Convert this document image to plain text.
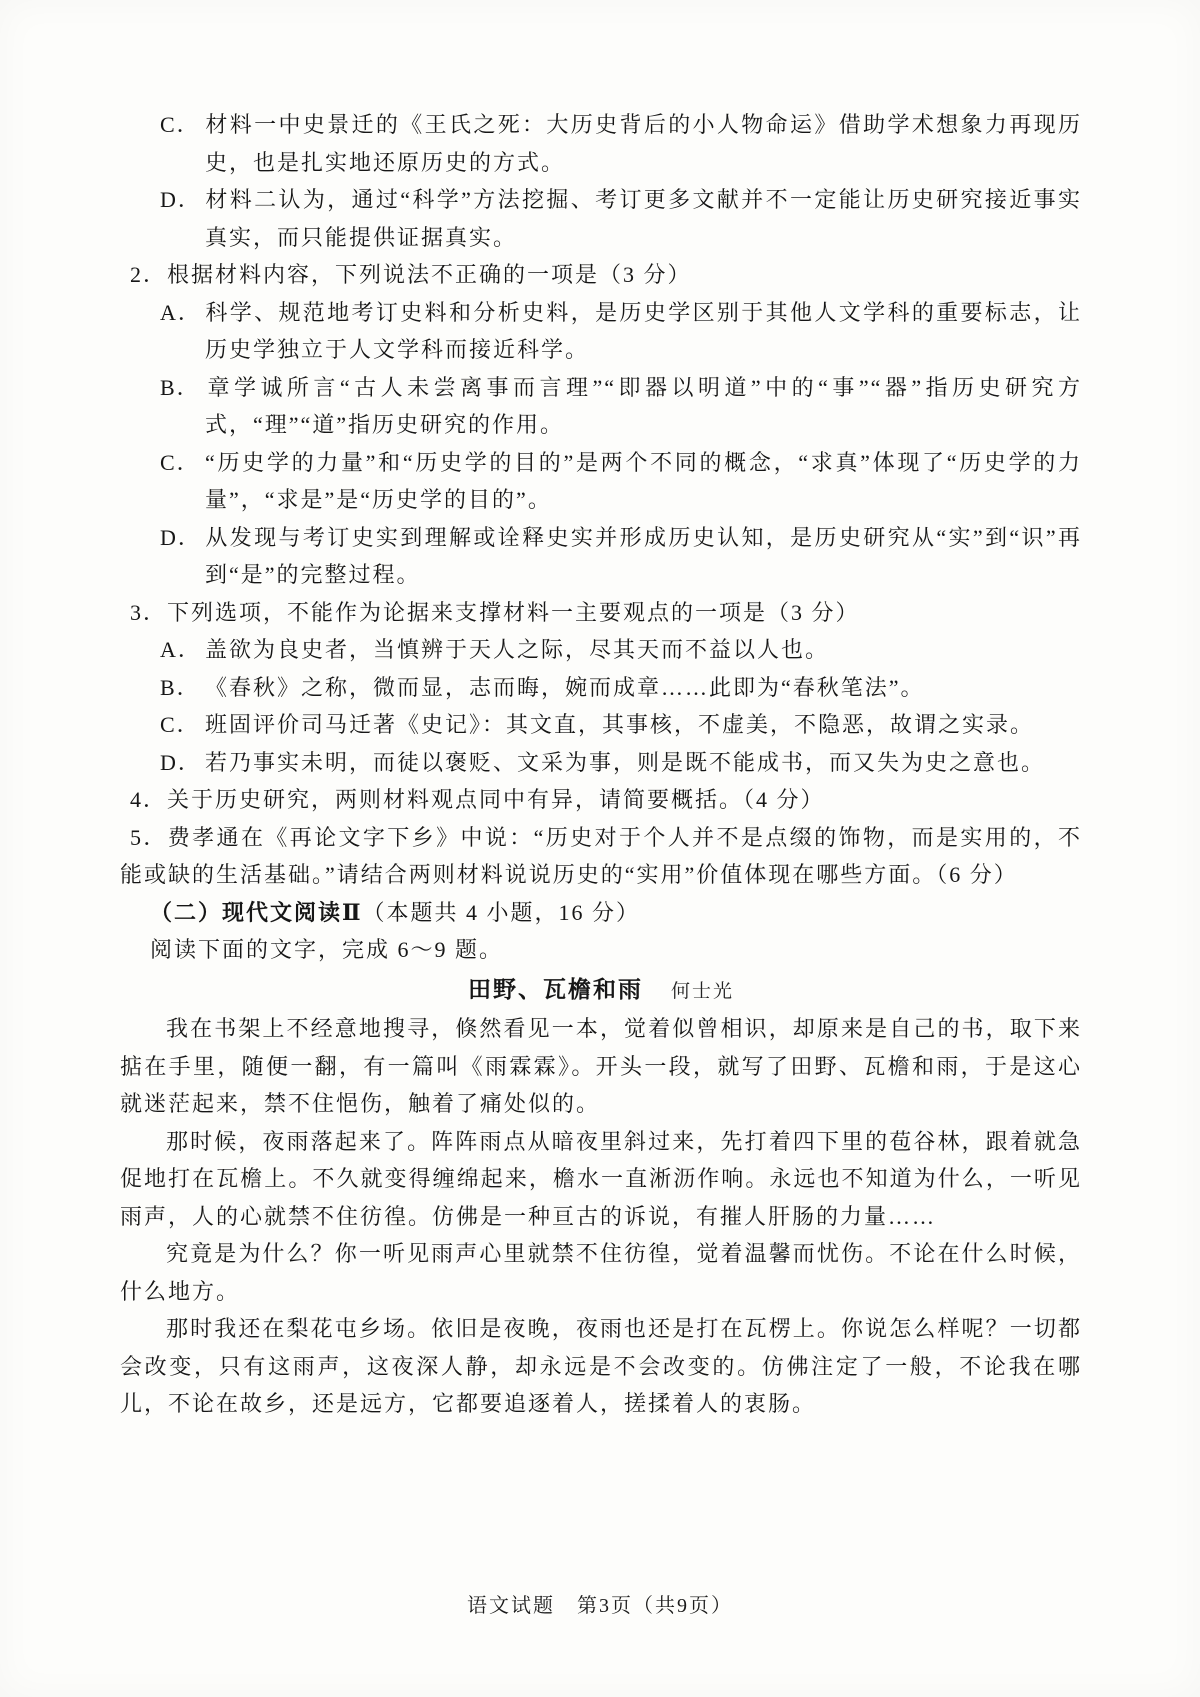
C． 材料一中史景迁的《王氏之死：大历史背后的小人物命运》借助学术想象力再现历史，也是扎实地还原历史的方式。
D． 材料二认为，通过“科学”方法挖掘、考订更多文献并不一定能让历史研究接近事实真实，而只能提供证据真实。
2．根据材料内容，下列说法不正确的一项是（3 分）
A． 科学、规范地考订史料和分析史料，是历史学区别于其他人文学科的重要标志，让历史学独立于人文学科而接近科学。
B． 章学诚所言“古人未尝离事而言理”“即器以明道”中的“事”“器”指历史研究方式，“理”“道”指历史研究的作用。
C． “历史学的力量”和“历史学的目的”是两个不同的概念，“求真”体现了“历史学的力量”，“求是”是“历史学的目的”。
D． 从发现与考订史实到理解或诠释史实并形成历史认知，是历史研究从“实”到“识”再到“是”的完整过程。
3．下列选项，不能作为论据来支撑材料一主要观点的一项是（3 分）
A． 盖欲为良史者，当慎辨于天人之际，尽其天而不益以人也。
B． 《春秋》之称，微而显，志而晦，婉而成章……此即为“春秋笔法”。
C． 班固评价司马迁著《史记》：其文直，其事核，不虚美，不隐恶，故谓之实录。
D． 若乃事实未明，而徒以褒贬、文采为事，则是既不能成书，而又失为史之意也。
4．关于历史研究，两则材料观点同中有异，请简要概括。（4 分）
5．费孝通在《再论文字下乡》中说：“历史对于个人并不是点缀的饰物，而是实用的，不能或缺的生活基础。”请结合两则材料说说历史的“实用”价值体现在哪些方面。（6 分）
（二）现代文阅读Ⅱ（本题共 4 小题，16 分）
阅读下面的文字，完成 6～9 题。
田野、瓦檐和雨 何士光

我在书架上不经意地搜寻，倏然看见一本，觉着似曾相识，却原来是自己的书，取下来掂在手里，随便一翻，有一篇叫《雨霖霖》。开头一段，就写了田野、瓦檐和雨，于是这心就迷茫起来，禁不住悒伤，触着了痛处似的。

那时候，夜雨落起来了。阵阵雨点从暗夜里斜过来，先打着四下里的苞谷林，跟着就急促地打在瓦檐上。不久就变得缠绵起来，檐水一直淅沥作响。永远也不知道为什么，一听见雨声，人的心就禁不住彷徨。仿佛是一种亘古的诉说，有摧人肝肠的力量……

究竟是为什么？你一听见雨声心里就禁不住彷徨，觉着温馨而忧伤。不论在什么时候，什么地方。

那时我还在梨花屯乡场。依旧是夜晚，夜雨也还是打在瓦楞上。你说怎么样呢？一切都会改变，只有这雨声，这夜深人静，却永远是不会改变的。仿佛注定了一般，不论我在哪儿，不论在故乡，还是远方，它都要追逐着人，搓揉着人的衷肠。

语文试题　第3页（共9页）
